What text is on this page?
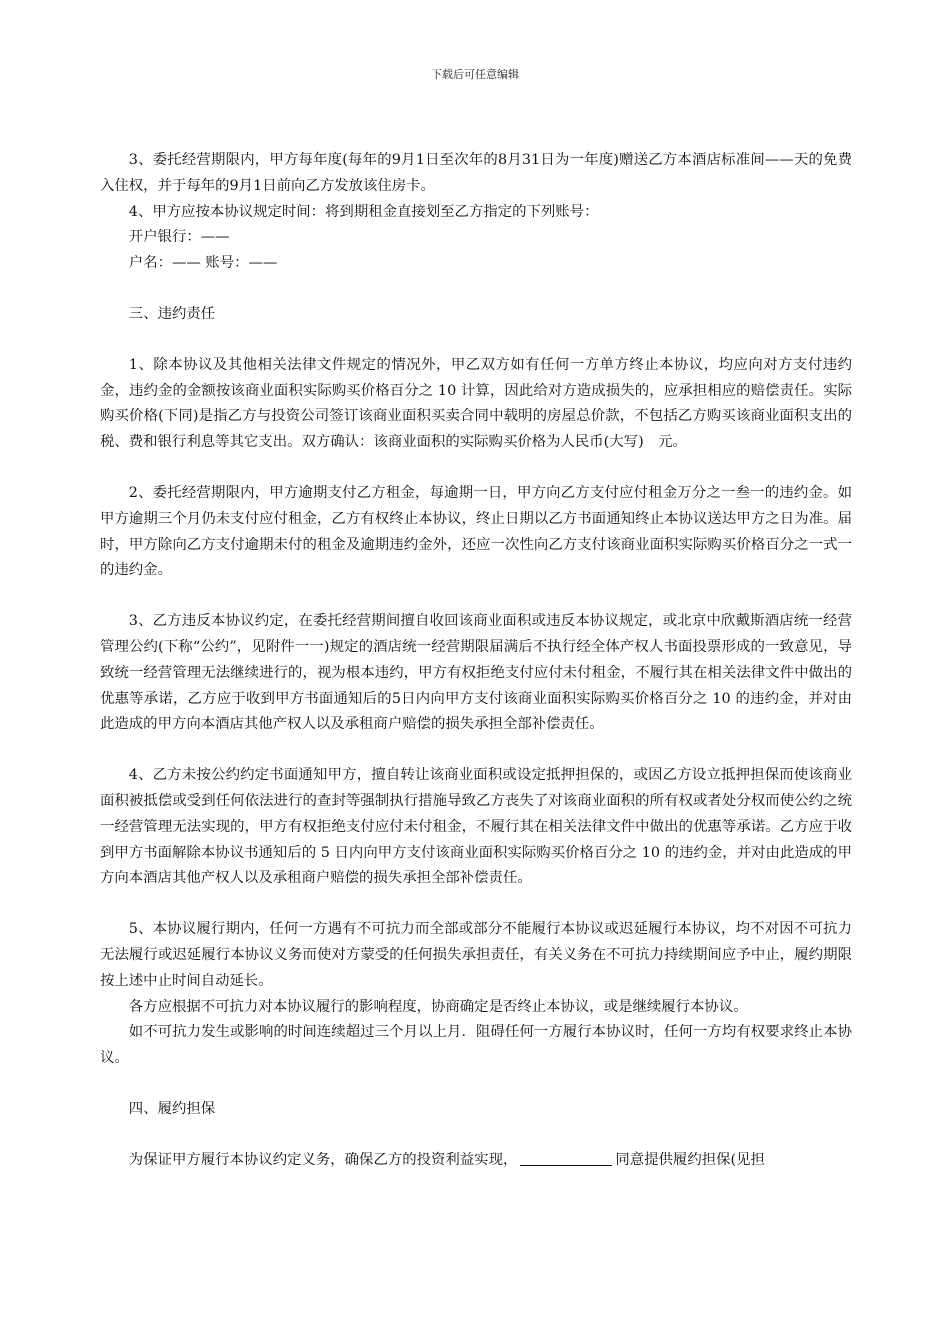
下载后可任意编辑

3、委托经营期限内，甲方每年度(每年的9月1日至次年的8月31日为一年度)赠送乙方本酒店标准间——天的免费入住权，并于每年的9月1日前向乙方发放该住房卡。

4、甲方应按本协议规定时间：将到期租金直接划至乙方指定的下列账号：

开户银行：——

户名：—— 账号：——

三、违约责任

1、除本协议及其他相关法律文件规定的情况外，甲乙双方如有任何一方单方终止本协议，均应向对方支付违约金，违约金的金额按该商业面积实际购买价格百分之 10 计算，因此给对方造成损失的，应承担相应的赔偿责任。实际购买价格(下同)是指乙方与投资公司签订该商业面积买卖合同中载明的房屋总价款，不包括乙方购买该商业面积支出的税、费和银行利息等其它支出。双方确认：该商业面积的实际购买价格为人民币(大写)　元。

2、委托经营期限内，甲方逾期支付乙方租金，每逾期一日，甲方向乙方支付应付租金万分之一叁一的违约金。如甲方逾期三个月仍未支付应付租金，乙方有权终止本协议，终止日期以乙方书面通知终止本协议送达甲方之日为准。届时，甲方除向乙方支付逾期未付的租金及逾期违约金外，还应一次性向乙方支付该商业面积实际购买价格百分之一式一的违约金。

3、乙方违反本协议约定，在委托经营期间擅自收回该商业面积或违反本协议规定，或北京中欣戴斯酒店统一经营管理公约(下称“公约”，见附件一一)规定的酒店统一经营期限届满后不执行经全体产权人书面投票形成的一致意见，导致统一经营管理无法继续进行的，视为根本违约，甲方有权拒绝支付应付未付租金，不履行其在相关法律文件中做出的优惠等承诺，乙方应于收到甲方书面通知后的5日内向甲方支付该商业面积实际购买价格百分之 10 的违约金，并对由此造成的甲方向本酒店其他产权人以及承租商户赔偿的损失承担全部补偿责任。

4、乙方未按公约约定书面通知甲方，擅自转让该商业面积或设定抵押担保的，或因乙方设立抵押担保而使该商业面积被抵偿或受到任何依法进行的查封等强制执行措施导致乙方丧失了对该商业面积的所有权或者处分权而使公约之统一经营管理无法实现的，甲方有权拒绝支付应付未付租金，不履行其在相关法律文件中做出的优惠等承诺。乙方应于收到甲方书面解除本协议书通知后的 5 日内向甲方支付该商业面积实际购买价格百分之 10 的违约金，并对由此造成的甲方向本酒店其他产权人以及承租商户赔偿的损失承担全部补偿责任。

5、本协议履行期内，任何一方遇有不可抗力而全部或部分不能履行本协议或迟延履行本协议，均不对因不可抗力无法履行或迟延履行本协议义务而使对方蒙受的任何损失承担责任，有关义务在不可抗力持续期间应予中止，履约期限按上述中止时间自动延长。

各方应根据不可抗力对本协议履行的影响程度，协商确定是否终止本协议，或是继续履行本协议。

如不可抗力发生或影响的时间连续超过三个月以上月．阻碍任何一方履行本协议时，任何一方均有权要求终止本协议。

四、履约担保

为保证甲方履行本协议约定义务，确保乙方的投资利益实现，	同意提供履约担保(见担
